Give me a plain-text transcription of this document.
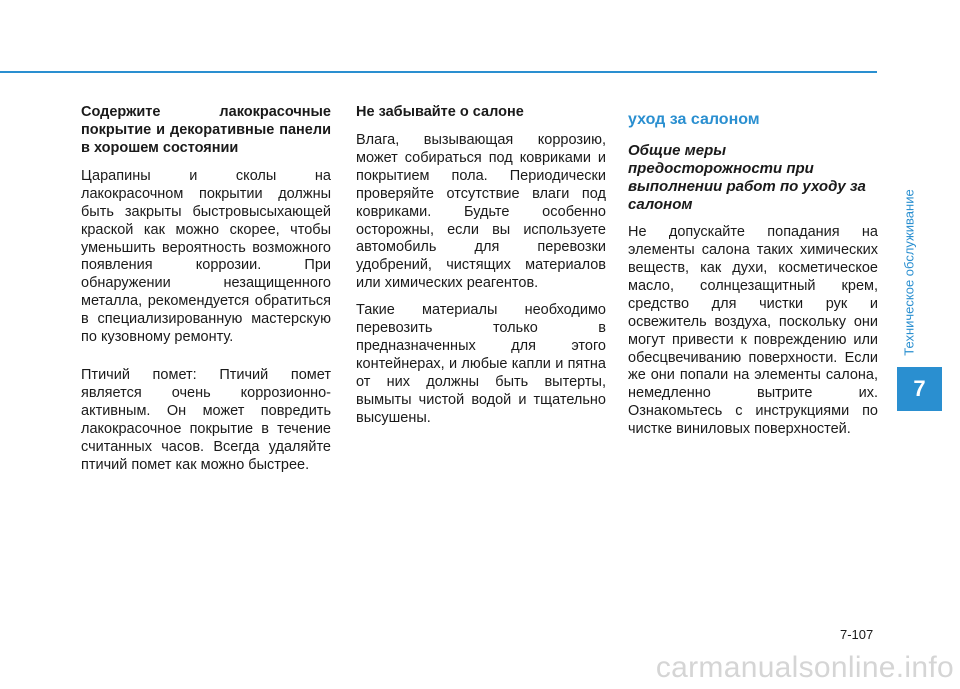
Содержите лакокрасочные покрытие и декоративные панели в хорошем состоянии

Царапины и сколы на лакокрасочном покрытии должны быть закрыты быстровысыхающей краской как можно скорее, чтобы уменьшить вероятность возможного появления коррозии. При обнаружении незащищенного металла, рекомендуется обратиться в специализированную мастерскую по кузовному ремонту.

Птичий помет: Птичий помет является очень коррозионно-активным. Он может повредить лакокрасочное покрытие в течение считанных часов. Всегда удаляйте птичий помет как можно быстрее.

Не забывайте о салоне

Влага, вызывающая коррозию, может собираться под ковриками и покрытием пола. Периодически проверяйте отсутствие влаги под ковриками. Будьте особенно осторожны, если вы используете автомобиль для перевозки удобрений, чистящих материалов или химических реагентов.

Такие материалы необходимо перевозить только в предназначенных для этого контейнерах, и любые капли и пятна от них должны быть вытерты, вымыты чистой водой и тщательно высушены.

уход за салоном
Общие меры предосторожности при выполнении работ по уходу за салоном

Не допускайте попадания на элементы салона таких химических веществ, как духи, косметическое масло, солнцезащитный крем, средство для чистки рук и освежитель воздуха, поскольку они могут привести к повреждению или обесцвечиванию поверхности. Если же они попали на элементы салона, немедленно вытрите их. Ознакомьтесь с инструкциями по чистке виниловых поверхностей.

Техническое обслуживание
7
7-107
carmanualsonline.info
